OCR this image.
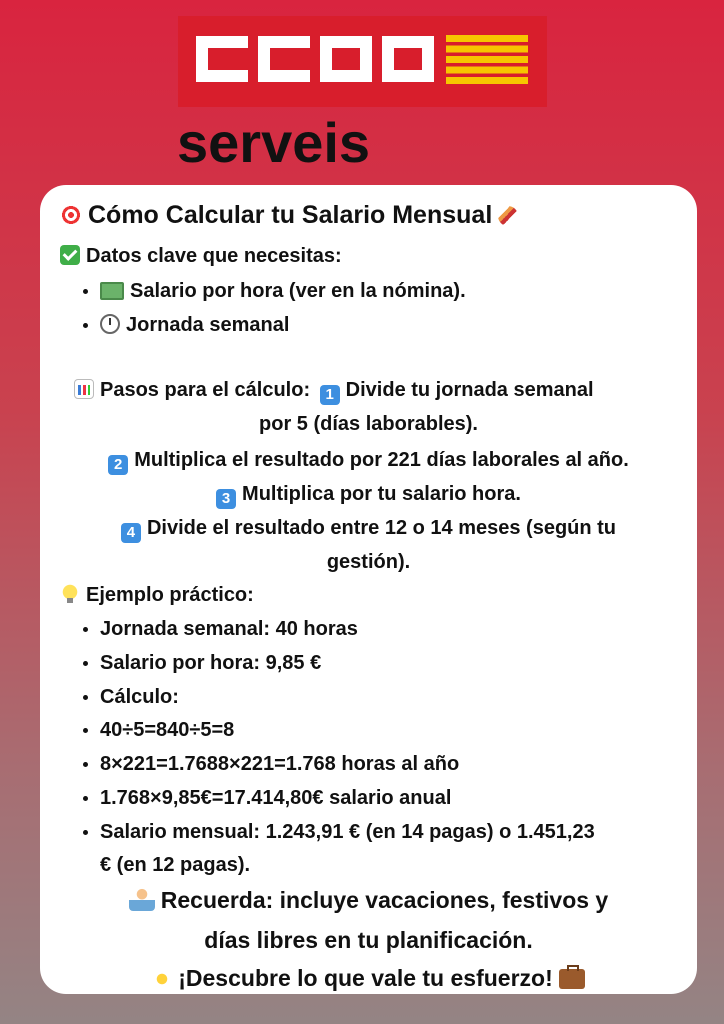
serveis
Cómo Calcular tu Salario Mensual
Datos clave que necesitas:
Salario por hora (ver en la nómina).
Jornada semanal
Pasos para el cálculo: 1 Divide tu jornada semanal
por 5 (días laborables).
2 Multiplica el resultado por 221 días laborales al año.
3 Multiplica por tu salario hora.
4 Divide el resultado entre 12 o 14 meses (según tu
gestión).
Ejemplo práctico:
Jornada semanal: 40 horas
Salario por hora: 9,85 €
Cálculo:
40÷5=840÷5=8
8×221=1.7688×221=1.768 horas al año
1.768×9,85€=17.414,80€ salario anual
Salario mensual: 1.243,91 € (en 14 pagas) o 1.451,23
€ (en 12 pagas).
Recuerda: incluye vacaciones, festivos y
días libres en tu planificación.
¡Descubre lo que vale tu esfuerzo!
